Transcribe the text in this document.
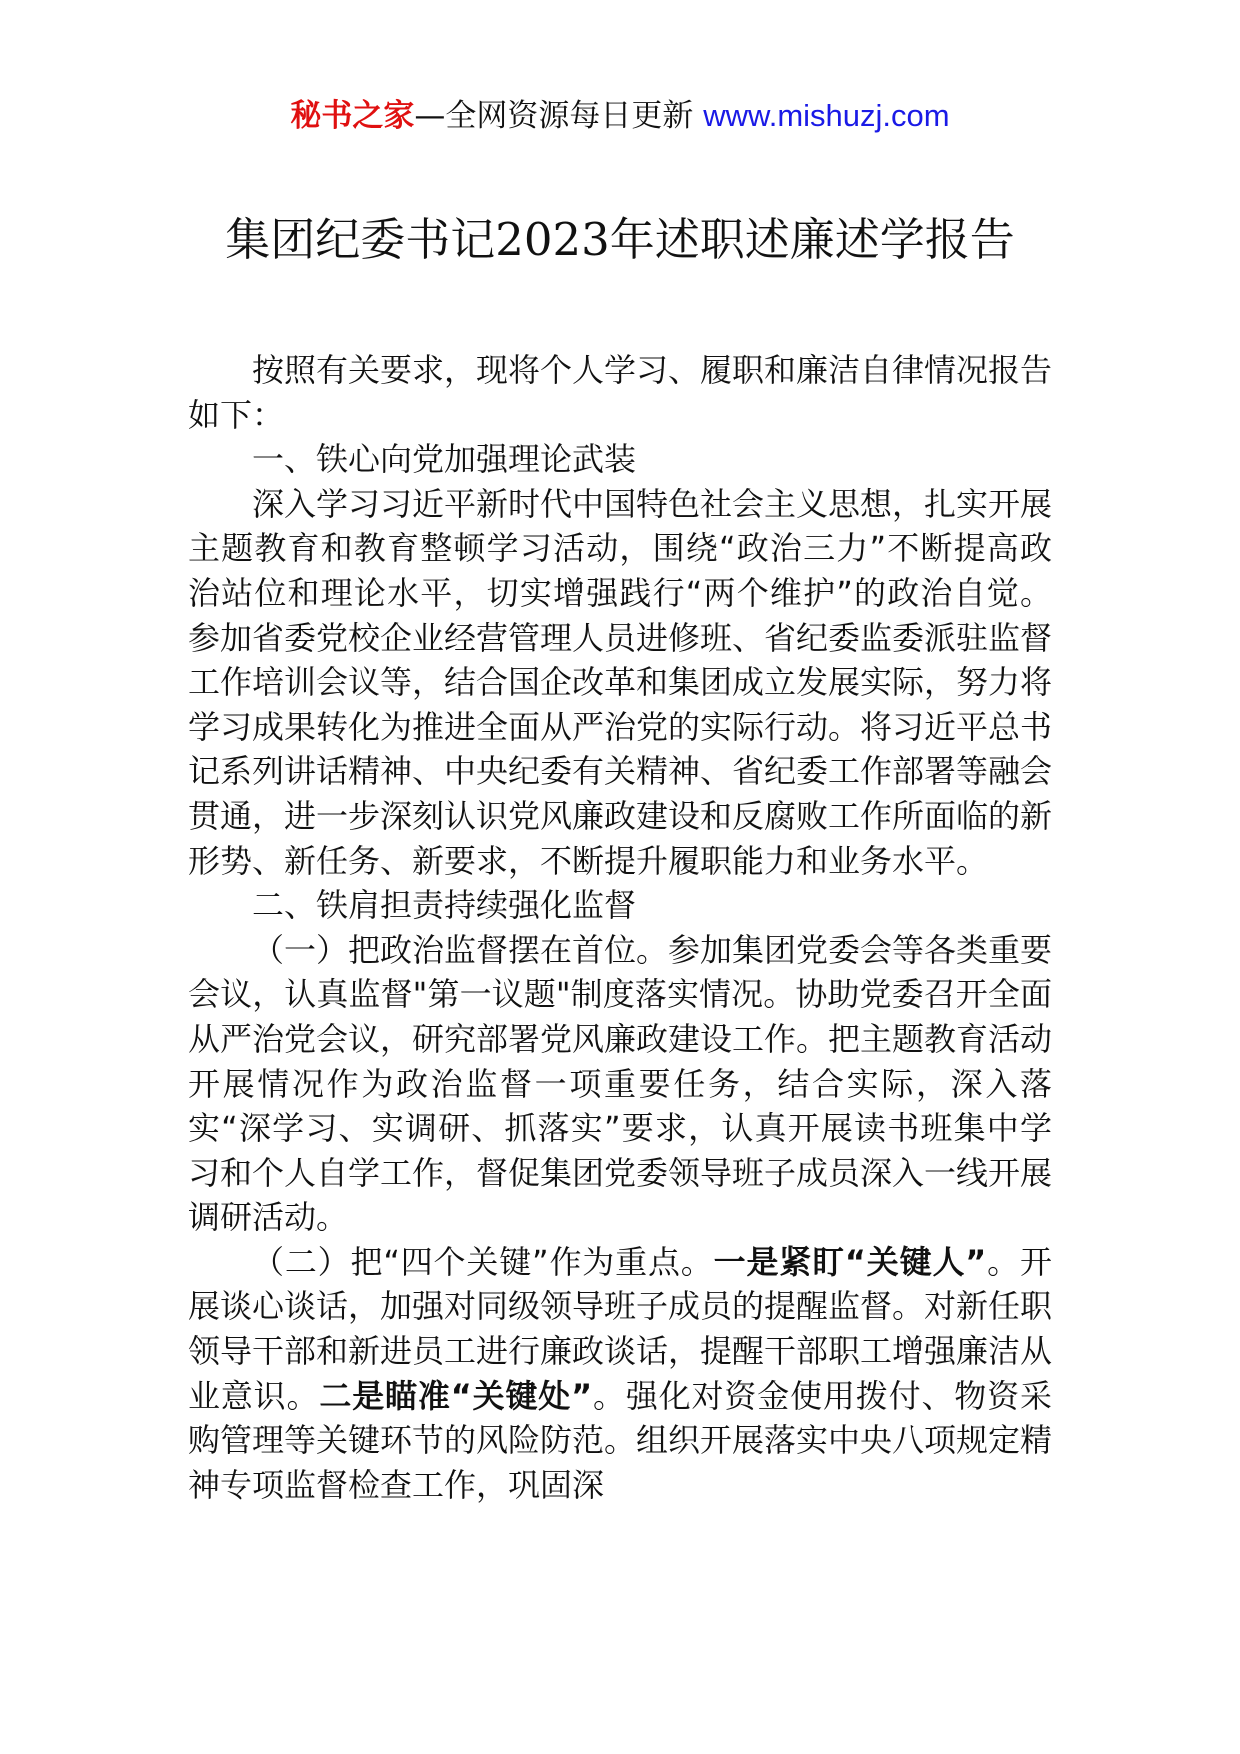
秘书之家—全网资源每日更新 www.mishuzj.com
集团纪委书记2023年述职述廉述学报告

按照有关要求，现将个人学习、履职和廉洁自律情况报告如下：

一、铁心向党加强理论武装

深入学习习近平新时代中国特色社会主义思想，扎实开展主题教育和教育整顿学习活动，围绕“政治三力”不断提高政治站位和理论水平，切实增强践行“两个维护”的政治自觉。参加省委党校企业经营管理人员进修班、省纪委监委派驻监督工作培训会议等，结合国企改革和集团成立发展实际，努力将学习成果转化为推进全面从严治党的实际行动。将习近平总书记系列讲话精神、中央纪委有关精神、省纪委工作部署等融会贯通，进一步深刻认识党风廉政建设和反腐败工作所面临的新形势、新任务、新要求，不断提升履职能力和业务水平。

二、铁肩担责持续强化监督

（一）把政治监督摆在首位。参加集团党委会等各类重要会议，认真监督"第一议题"制度落实情况。协助党委召开全面从严治党会议，研究部署党风廉政建设工作。把主题教育活动开展情况作为政治监督一项重要任务，结合实际，深入落实“深学习、实调研、抓落实”要求，认真开展读书班集中学习和个人自学工作，督促集团党委领导班子成员深入一线开展调研活动。

（二）把“四个关键”作为重点。一是紧盯“关键人”。开展谈心谈话，加强对同级领导班子成员的提醒监督。对新任职领导干部和新进员工进行廉政谈话，提醒干部职工增强廉洁从业意识。二是瞄准“关键处”。强化对资金使用拨付、物资采购管理等关键环节的风险防范。组织开展落实中央八项规定精神专项监督检查工作，巩固深
